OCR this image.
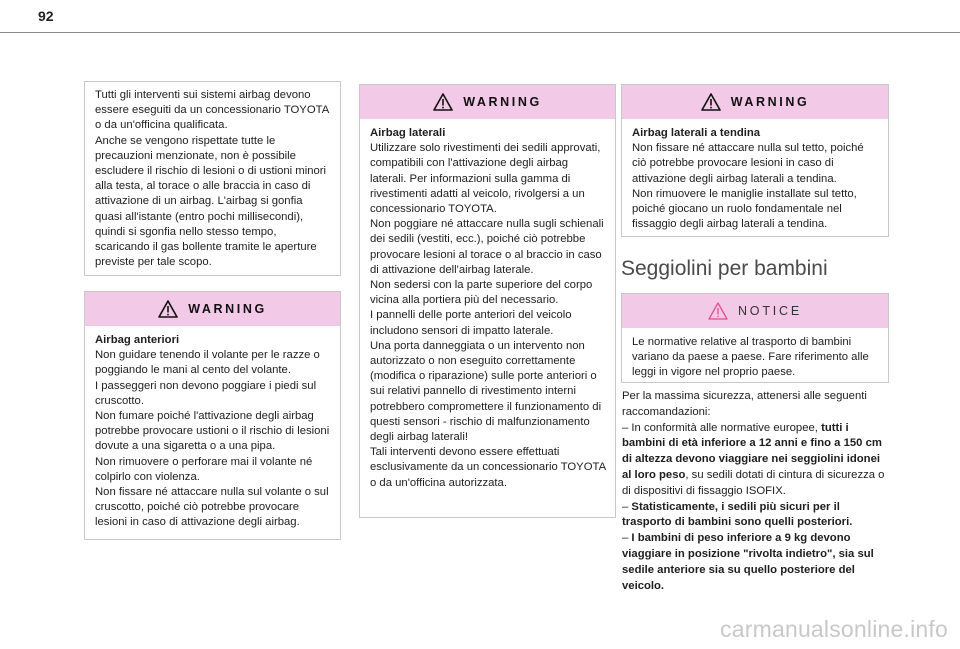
92

Tutti gli interventi sui sistemi airbag devono essere eseguiti da un concessionario TOYOTA o da un'officina qualificata.
Anche se vengono rispettate tutte le precauzioni menzionate, non è possibile escludere il rischio di lesioni o di ustioni minori alla testa, al torace o alle braccia in caso di attivazione di un airbag. L'airbag si gonfia quasi all'istante (entro pochi millisecondi), quindi si sgonfia nello stesso tempo, scaricando il gas bollente tramite le aperture previste per tale scopo.

WARNING
Airbag anteriori
Non guidare tenendo il volante per le razze o poggiando le mani al cento del volante.
I passeggeri non devono poggiare i piedi sul cruscotto.
Non fumare poiché l'attivazione degli airbag potrebbe provocare ustioni o il rischio di lesioni dovute a una sigaretta o a una pipa.
Non rimuovere o perforare mai il volante né colpirlo con violenza.
Non fissare né attaccare nulla sul volante o sul cruscotto, poiché ciò potrebbe provocare lesioni in caso di attivazione degli airbag.
WARNING
Airbag laterali
Utilizzare solo rivestimenti dei sedili approvati, compatibili con l'attivazione degli airbag laterali. Per informazioni sulla gamma di rivestimenti adatti al veicolo, rivolgersi a un concessionario TOYOTA.
Non poggiare né attaccare nulla sugli schienali dei sedili (vestiti, ecc.), poiché ciò potrebbe provocare lesioni al torace o al braccio in caso di attivazione dell'airbag laterale.
Non sedersi con la parte superiore del corpo vicina alla portiera più del necessario.
I pannelli delle porte anteriori del veicolo includono sensori di impatto laterale.
Una porta danneggiata o un intervento non autorizzato o non eseguito correttamente (modifica o riparazione) sulle porte anteriori o sui relativi pannello di rivestimento interni potrebbero compromettere il funzionamento di questi sensori - rischio di malfunzionamento degli airbag laterali!
Tali interventi devono essere effettuati esclusivamente da un concessionario TOYOTA o da un'officina autorizzata.
WARNING
Airbag laterali a tendina
Non fissare né attaccare nulla sul tetto, poiché ciò potrebbe provocare lesioni in caso di attivazione degli airbag laterali a tendina.
Non rimuovere le maniglie installate sul tetto, poiché giocano un ruolo fondamentale nel fissaggio degli airbag laterali a tendina.
Seggiolini per bambini
NOTICE
Le normative relative al trasporto di bambini variano da paese a paese. Fare riferimento alle leggi in vigore nel proprio paese.
Per la massima sicurezza, attenersi alle seguenti raccomandazioni:
– In conformità alle normative europee, tutti i bambini di età inferiore a 12 anni e fino a 150 cm di altezza devono viaggiare nei seggiolini idonei al loro peso, su sedili dotati di cintura di sicurezza o di dispositivi di fissaggio ISOFIX.
– Statisticamente, i sedili più sicuri per il trasporto di bambini sono quelli posteriori.
– I bambini di peso inferiore a 9 kg devono viaggiare in posizione "rivolta indietro", sia sul sedile anteriore sia su quello posteriore del veicolo.
carmanualsonline.info
